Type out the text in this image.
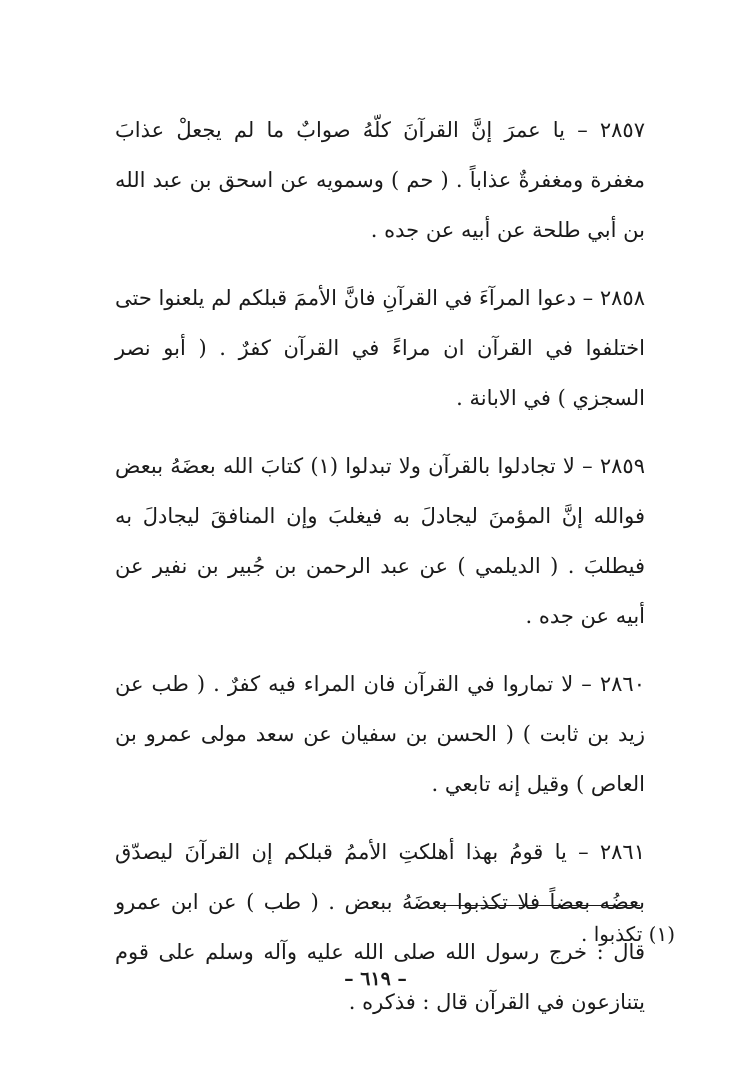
٢٨٥٧ – يا عمرَ إنَّ القرآنَ كلّهُ صوابٌ ما لم يجعلْ عذابَ مغفرة ومغفرةٌ عذاباً . ( حم ) وسمويه عن اسحق بن عبد الله بن أبي طلحة عن أبيه عن جده .

٢٨٥٨ – دعوا المرآءَ في القرآنِ فانَّ الأممَ قبلكم لم يلعنوا حتى اختلفوا في القرآن ان مراءً في القرآن كفرٌ . ( أبو نصر السجزي ) في الابانة .

٢٨٥٩ – لا تجادلوا بالقرآن ولا تبدلوا (١) كتابَ الله بعضَهُ ببعض فوالله إنَّ المؤمنَ ليجادلَ به فيغلبَ وإن المنافقَ ليجادلَ به فيطلبَ . ( الديلمي ) عن عبد الرحمن بن جُبير بن نفير عن أبيه عن جده .

٢٨٦٠ – لا تماروا في القرآن فان المراء فيه كفرٌ . ( طب عن زيد بن ثابت ) ( الحسن بن سفيان عن سعد مولى عمرو بن العاص ) وقيل إنه تابعي .

٢٨٦١ – يا قومُ بهذا أهلكتِ الأممُ قبلكم إن القرآنَ ليصدّق بعضُه بعضاً فلا تكذبوا بعضَهُ ببعض . ( طب ) عن ابن عمرو قال : خرج رسول الله صلى الله عليه وآله وسلم على قوم يتنازعون في القرآن قال : فذكره .

(١) تكذبوا .
– ٦١٩ –
